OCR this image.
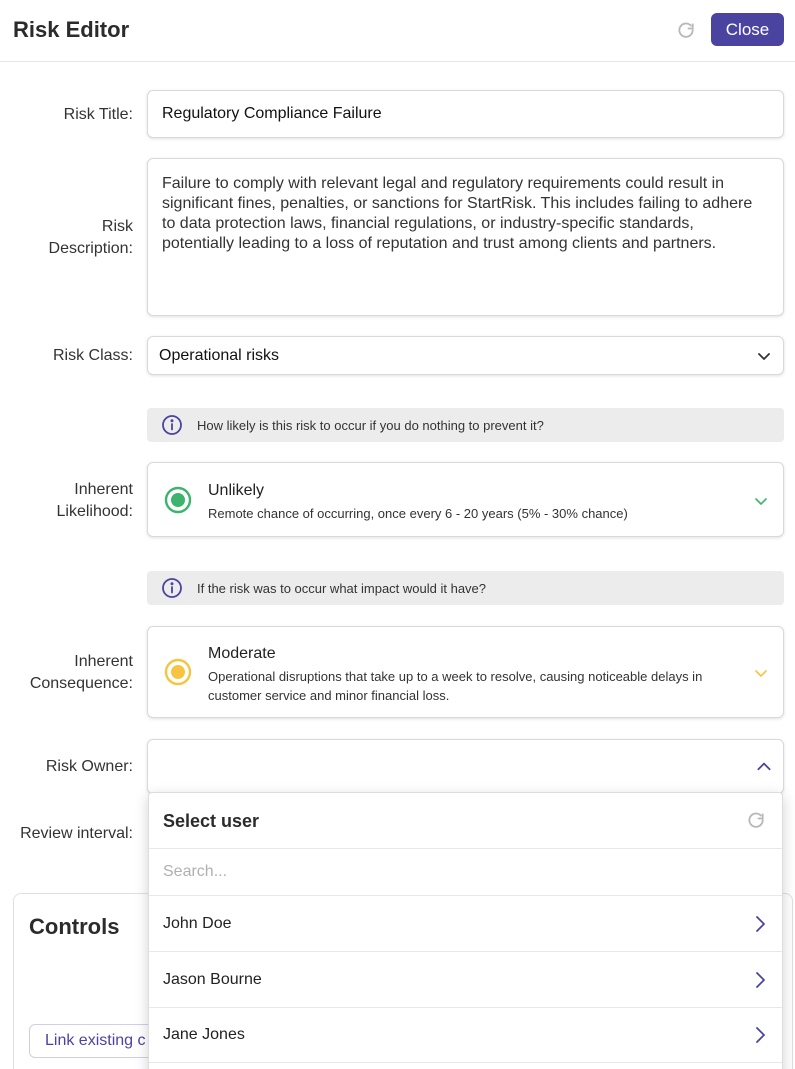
Risk Editor	Close
Risk Title:	Regulatory Compliance Failure
Risk
Description:
Failure to comply with relevant legal and regulatory requirements could result in significant fines, penalties, or sanctions for StartRisk. This includes failing to adhere to data protection laws, financial regulations, or industry-specific standards, potentially leading to a loss of reputation and trust among clients and partners.
Risk Class: Operational risks
How likely is this risk to occur if you do nothing to prevent it?
Inherent
Likelihood:
Unlikely
Remote chance of occurring, once every 6 - 20 years (5% - 30% chance)
If the risk was to occur what impact would it have?
Inherent
Consequence:
Moderate
Operational disruptions that take up to a week to resolve, causing noticeable delays in customer service and minor financial loss.
Risk Owner:
Review interval:
Controls
Link existing c
Select user
Search...
John Doe
Jason Bourne
Jane Jones
